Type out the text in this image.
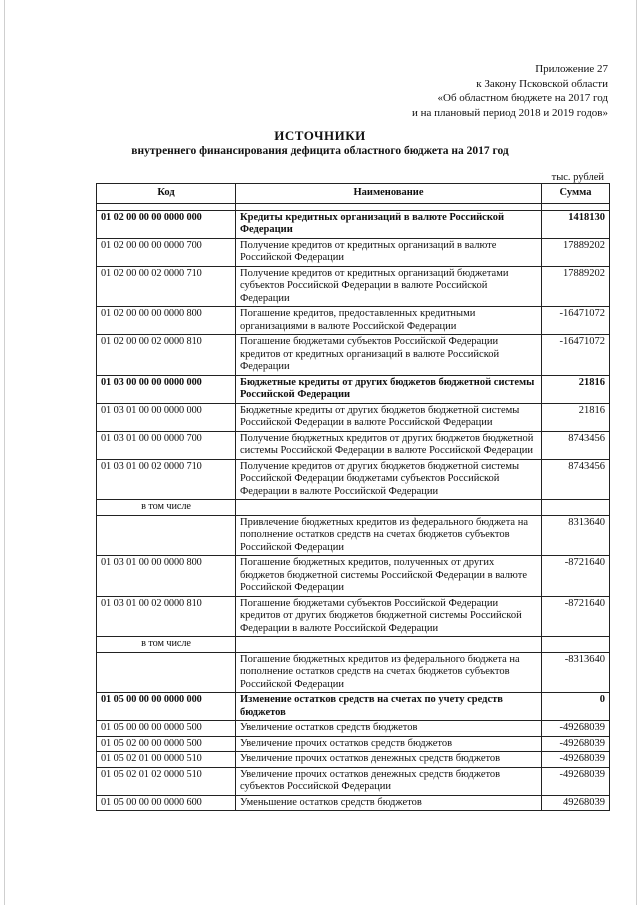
Приложение 27
к Закону Псковской области
«Об областном бюджете на 2017 год
и на плановый период 2018 и 2019 годов»
ИСТОЧНИКИ
внутреннего финансирования дефицита областного бюджета на 2017 год
тыс. рублей
Код	Наименование	Сумма

01 02 00 00 00 0000 000	Кредиты кредитных организаций в валюте Российской Федерации	1418130
01 02 00 00 00 0000 700	Получение кредитов от кредитных организаций в валюте Российской Федерации	17889202
01 02 00 00 02 0000 710	Получение кредитов от кредитных организаций бюджетами субъектов Российской Федерации в валюте Российской Федерации	17889202
01 02 00 00 00 0000 800	Погашение кредитов, предоставленных кредитными организациями в валюте Российской Федерации	-16471072
01 02 00 00 02 0000 810	Погашение бюджетами субъектов Российской Федерации кредитов от кредитных организаций в валюте Российской Федерации	-16471072
01 03 00 00 00 0000 000	Бюджетные кредиты от других бюджетов бюджетной системы Российской Федерации	21816
01 03 01 00 00 0000 000	Бюджетные кредиты от других бюджетов бюджетной системы Российской Федерации в валюте Российской Федерации	21816
01 03 01 00 00 0000 700	Получение бюджетных кредитов от других бюджетов бюджетной системы Российской Федерации в валюте Российской Федерации	8743456
01 03 01 00 02 0000 710	Получение кредитов от других бюджетов бюджетной системы Российской Федерации бюджетами субъектов Российской Федерации в валюте Российской Федерации	8743456
в том числе		
	Привлечение бюджетных кредитов из федерального бюджета на пополнение остатков средств на счетах бюджетов субъектов Российской Федерации	8313640
01 03 01 00 00 0000 800	Погашение бюджетных кредитов, полученных от других бюджетов бюджетной системы Российской Федерации в валюте Российской Федерации	-8721640
01 03 01 00 02 0000 810	Погашение бюджетами субъектов Российской Федерации кредитов от других бюджетов бюджетной системы Российской Федерации в валюте Российской Федерации	-8721640
в том числе		
	Погашение бюджетных кредитов из федерального бюджета на пополнение остатков средств на счетах бюджетов субъектов Российской Федерации	-8313640
01 05 00 00 00 0000 000	Изменение остатков средств на счетах по учету средств бюджетов	0
01 05 00 00 00 0000 500	Увеличение остатков средств бюджетов	-49268039
01 05 02 00 00 0000 500	Увеличение прочих остатков средств бюджетов	-49268039
01 05 02 01 00 0000 510	Увеличение прочих остатков денежных средств бюджетов	-49268039
01 05 02 01 02 0000 510	Увеличение прочих остатков денежных средств бюджетов субъектов Российской Федерации	-49268039
01 05 00 00 00 0000 600	Уменьшение остатков средств бюджетов	49268039
